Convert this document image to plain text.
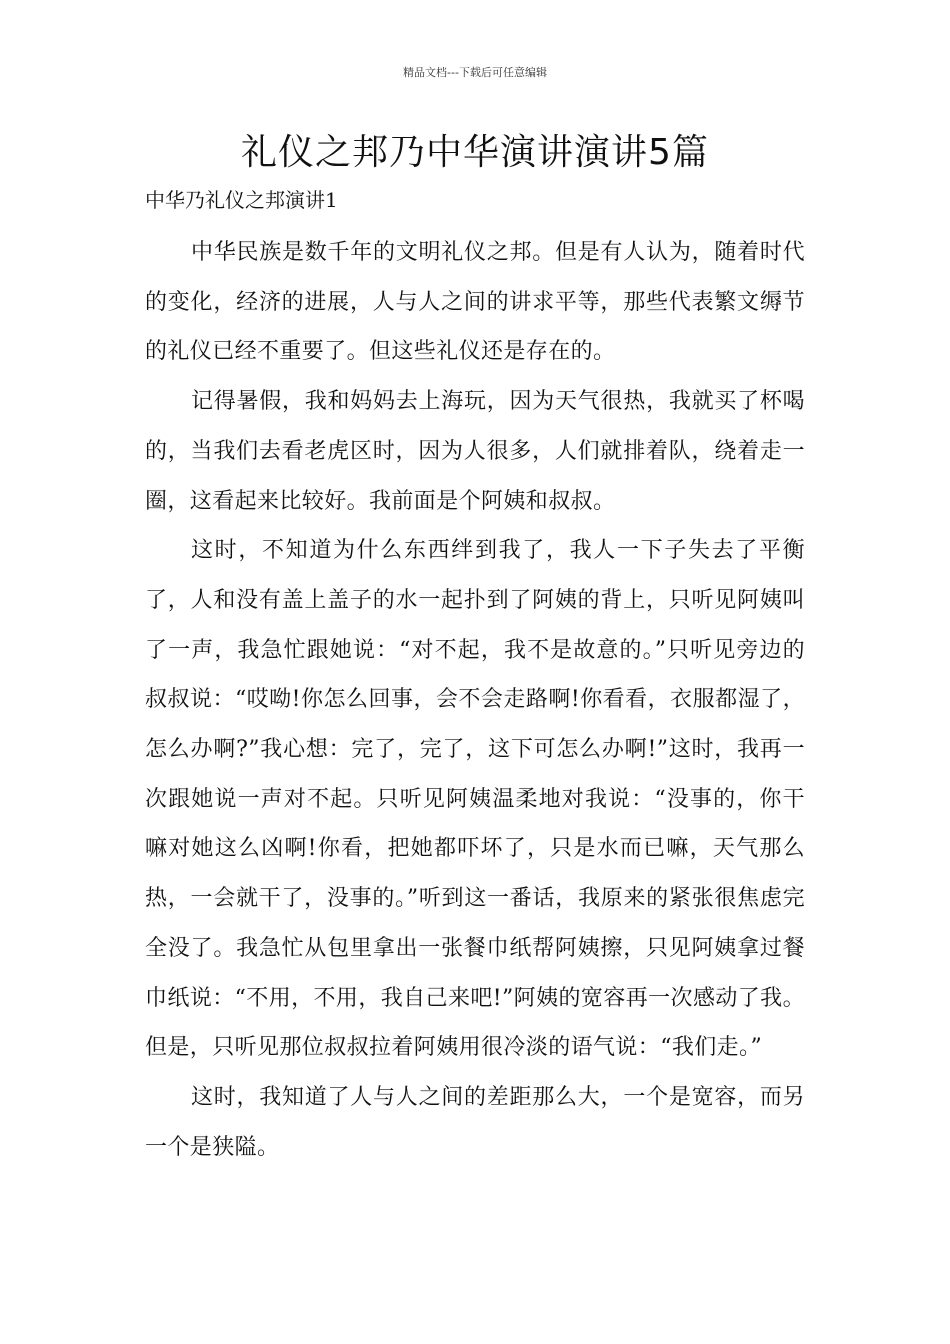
精品文档---下载后可任意编辑
礼仪之邦乃中华演讲演讲5篇
中华乃礼仪之邦演讲1

中华民族是数千年的文明礼仪之邦。但是有人认为，随着时代的变化，经济的进展，人与人之间的讲求平等，那些代表繁文缛节的礼仪已经不重要了。但这些礼仪还是存在的。

记得暑假，我和妈妈去上海玩，因为天气很热，我就买了杯喝的，当我们去看老虎区时，因为人很多，人们就排着队，绕着走一圈，这看起来比较好。我前面是个阿姨和叔叔。

这时，不知道为什么东西绊到我了，我人一下子失去了平衡了，人和没有盖上盖子的水一起扑到了阿姨的背上，只听见阿姨叫了一声，我急忙跟她说：“对不起，我不是故意的。”只听见旁边的叔叔说：“哎呦!你怎么回事，会不会走路啊!你看看，衣服都湿了，怎么办啊?”我心想：完了，完了，这下可怎么办啊!”这时，我再一次跟她说一声对不起。只听见阿姨温柔地对我说：“没事的，你干嘛对她这么凶啊!你看，把她都吓坏了，只是水而已嘛，天气那么热，一会就干了，没事的。”听到这一番话，我原来的紧张很焦虑完全没了。我急忙从包里拿出一张餐巾纸帮阿姨擦，只见阿姨拿过餐巾纸说：“不用，不用，我自己来吧!”阿姨的宽容再一次感动了我。但是，只听见那位叔叔拉着阿姨用很冷淡的语气说：“我们走。”

这时，我知道了人与人之间的差距那么大，一个是宽容，而另一个是狭隘。
